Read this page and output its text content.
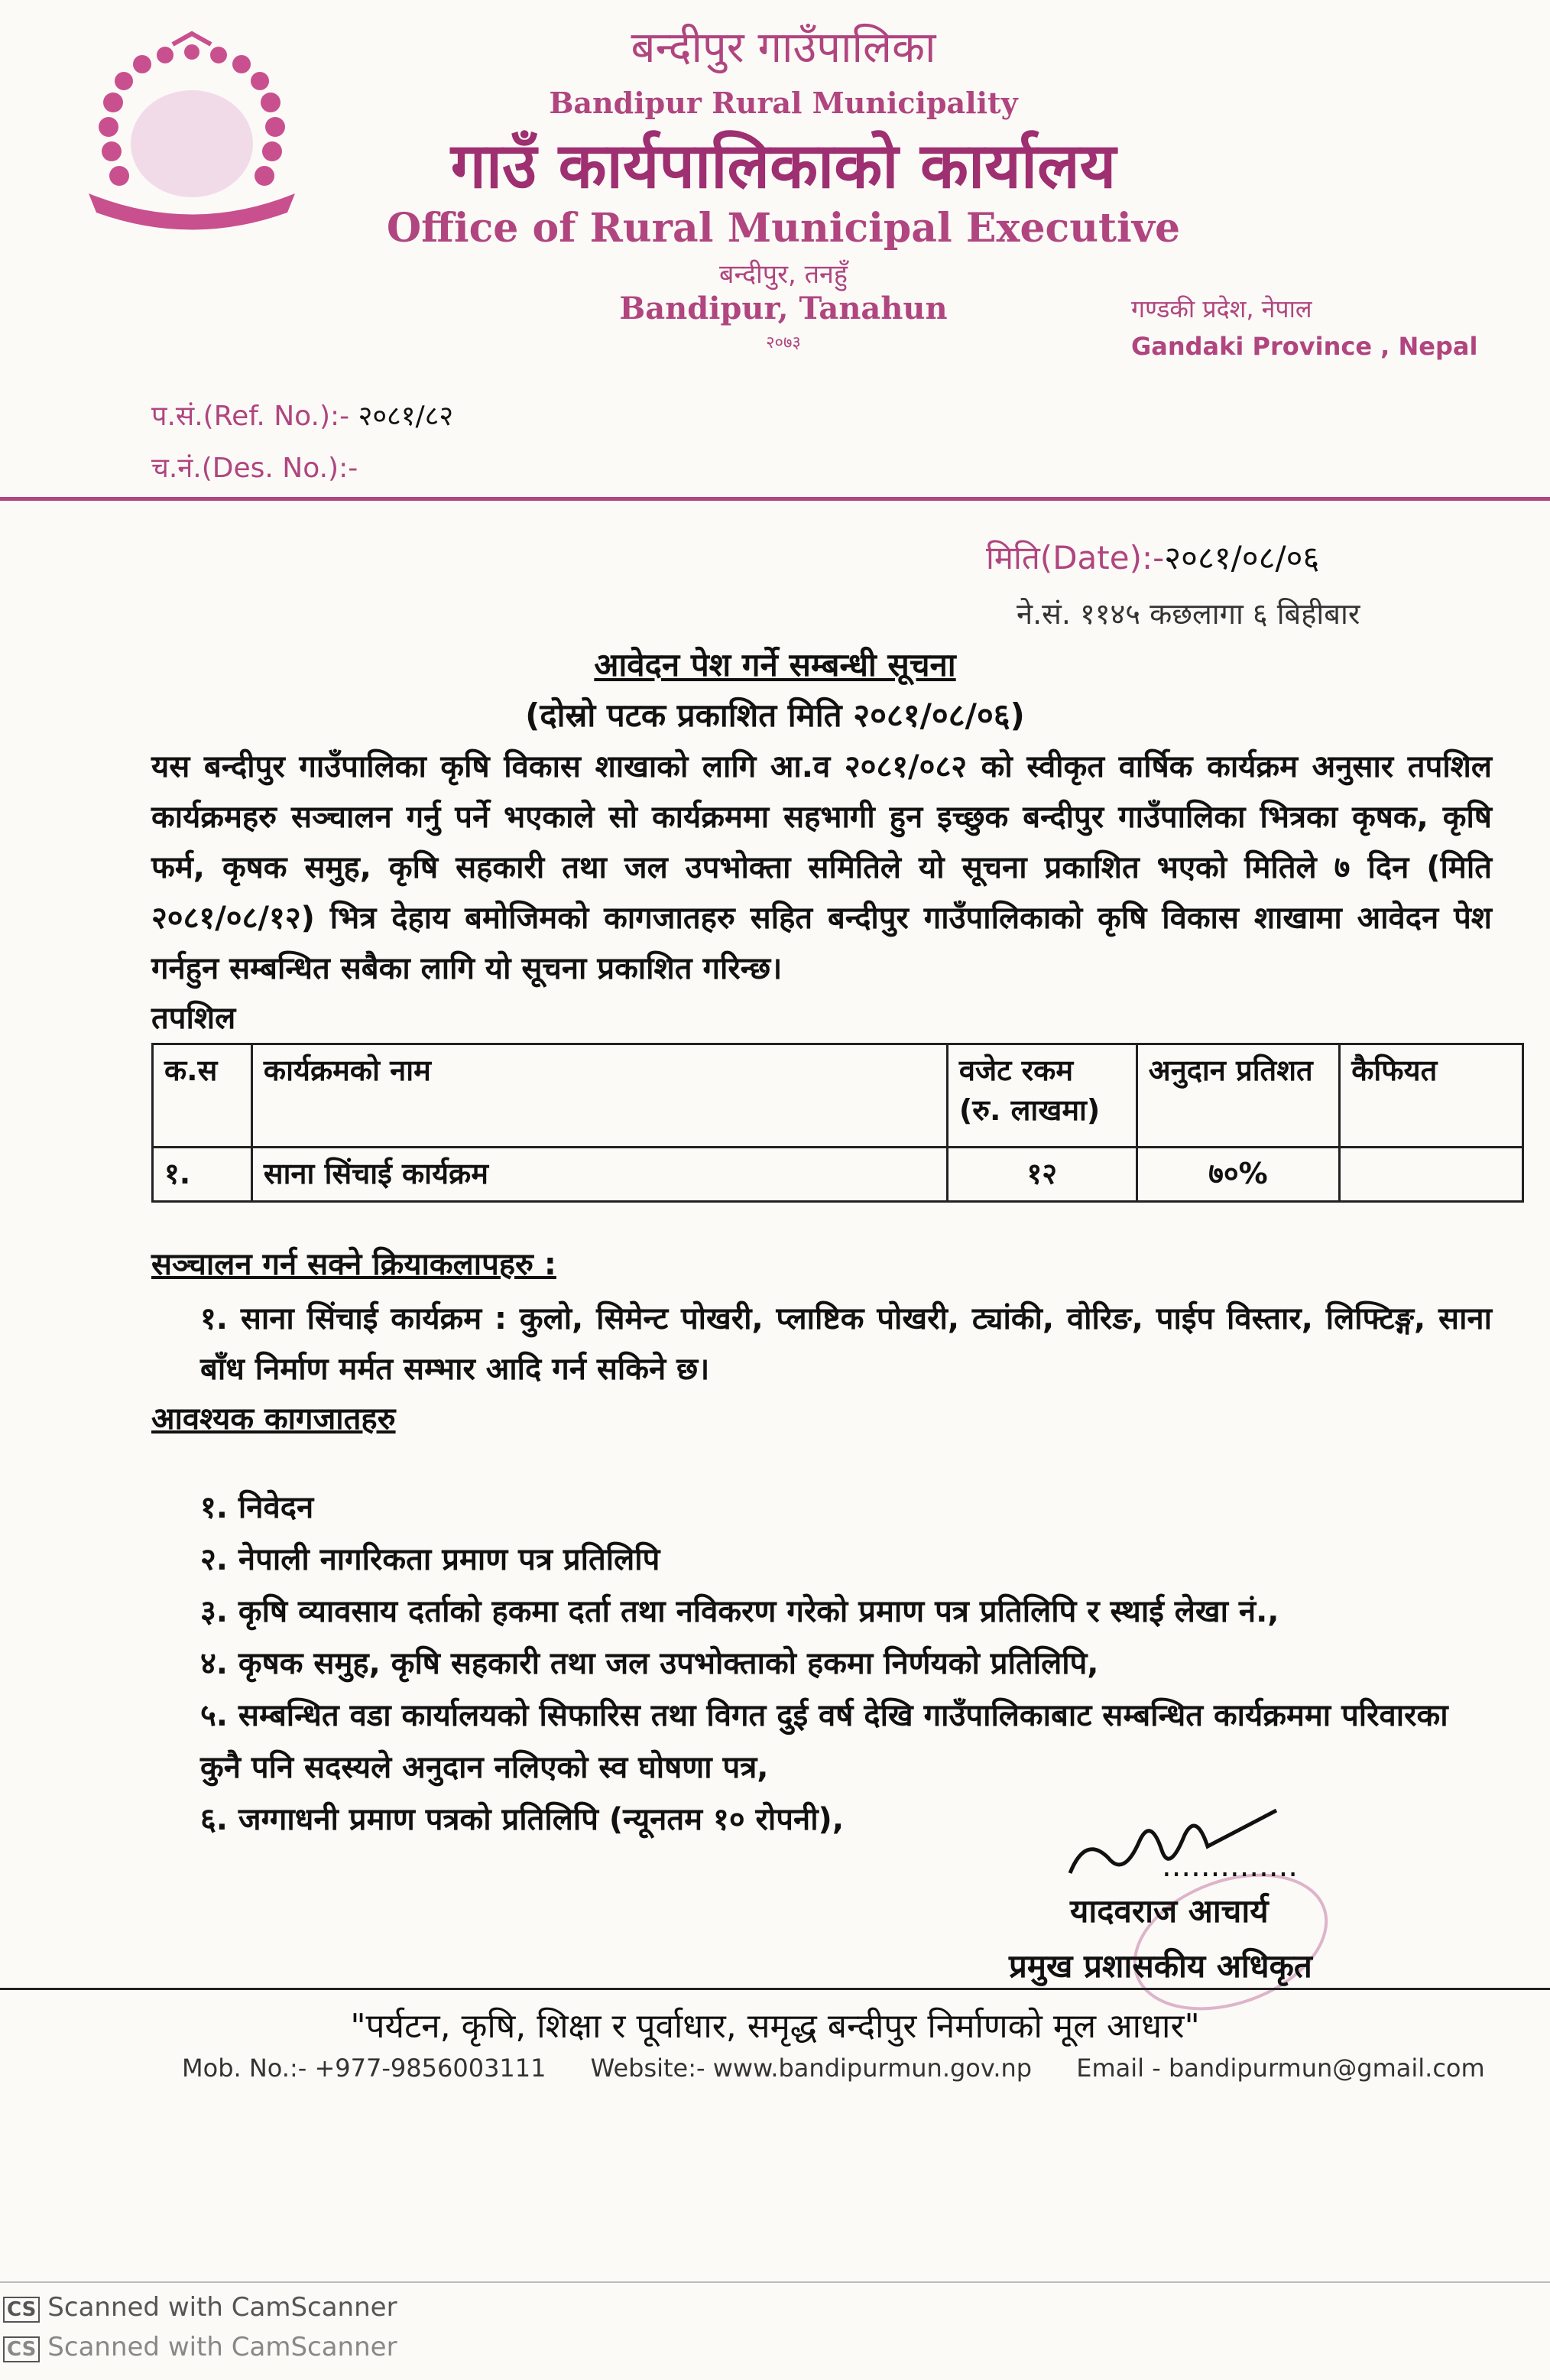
बन्दीपुर गाउँपालिका
Bandipur Rural Municipality
गाउँ कार्यपालिकाको कार्यालय
Office of Rural Municipal Executive
बन्दीपुर, तनहुँ
Bandipur, Tanahun
२०७३
गण्डकी प्रदेश, नेपाल
Gandaki Province , Nepal
प.सं.(Ref. No.):- २०८१/८२
च.नं.(Des. No.):-
मिति(Date):-२०८१/०८/०६
ने.सं. ११४५ कछलागा ६ बिहीबार
आवेदन पेश गर्ने सम्बन्धी सूचना
(दोस्रो पटक प्रकाशित मिति २०८१/०८/०६)
यस बन्दीपुर गाउँपालिका कृषि विकास शाखाको लागि आ.व २०८१/०८२ को स्वीकृत वार्षिक कार्यक्रम अनुसार तपशिल कार्यक्रमहरु सञ्चालन गर्नु पर्ने भएकाले सो कार्यक्रममा सहभागी हुन इच्छुक बन्दीपुर गाउँपालिका भित्रका कृषक, कृषि फर्म, कृषक समुह, कृषि सहकारी तथा जल उपभोक्ता समितिले यो सूचना प्रकाशित भएको मितिले ७ दिन (मिति २०८१/०८/१२) भित्र देहाय बमोजिमको कागजातहरु सहित बन्दीपुर गाउँपालिकाको कृषि विकास शाखामा आवेदन पेश गर्नहुन सम्बन्धित सबैका लागि यो सूचना प्रकाशित गरिन्छ।
तपशिल
क.स	कार्यक्रमको नाम	वजेट रकम (रु. लाखमा)	अनुदान प्रतिशत	कैफियत
१.	साना सिंचाई कार्यक्रम	१२	७०%	
सञ्चालन गर्न सक्ने क्रियाकलापहरु :
१. साना सिंचाई कार्यक्रम : कुलो, सिमेन्ट पोखरी, प्लाष्टिक पोखरी, ट्यांकी, वोरिङ, पाईप विस्तार, लिफ्टिङ्ग, साना बाँध निर्माण मर्मत सम्भार आदि गर्न सकिने छ।
आवश्यक कागजातहरु
१. निवेदन
२. नेपाली नागरिकता प्रमाण पत्र प्रतिलिपि
३. कृषि व्यावसाय दर्ताको हकमा दर्ता तथा नविकरण गरेको प्रमाण पत्र प्रतिलिपि र स्थाई लेखा नं.,
४. कृषक समुह, कृषि सहकारी तथा जल उपभोक्ताको हकमा निर्णयको प्रतिलिपि,
५. सम्बन्धित वडा कार्यालयको सिफारिस तथा विगत दुई वर्ष देखि गाउँपालिकाबाट सम्बन्धित कार्यक्रममा परिवारका कुनै पनि सदस्यले अनुदान नलिएको स्व घोषणा पत्र,
६. जग्गाधनी प्रमाण पत्रको प्रतिलिपि (न्यूनतम १० रोपनी),
..............
यादवराज आचार्य
प्रमुख प्रशासकीय अधिकृत
"पर्यटन, कृषि, शिक्षा र पूर्वाधार, समृद्ध बन्दीपुर निर्माणको मूल आधार"
Mob. No.:- +977-9856003111 Website:- www.bandipurmun.gov.np Email - bandipurmun@gmail.com
CS Scanned with CamScanner
CS Scanned with CamScanner
